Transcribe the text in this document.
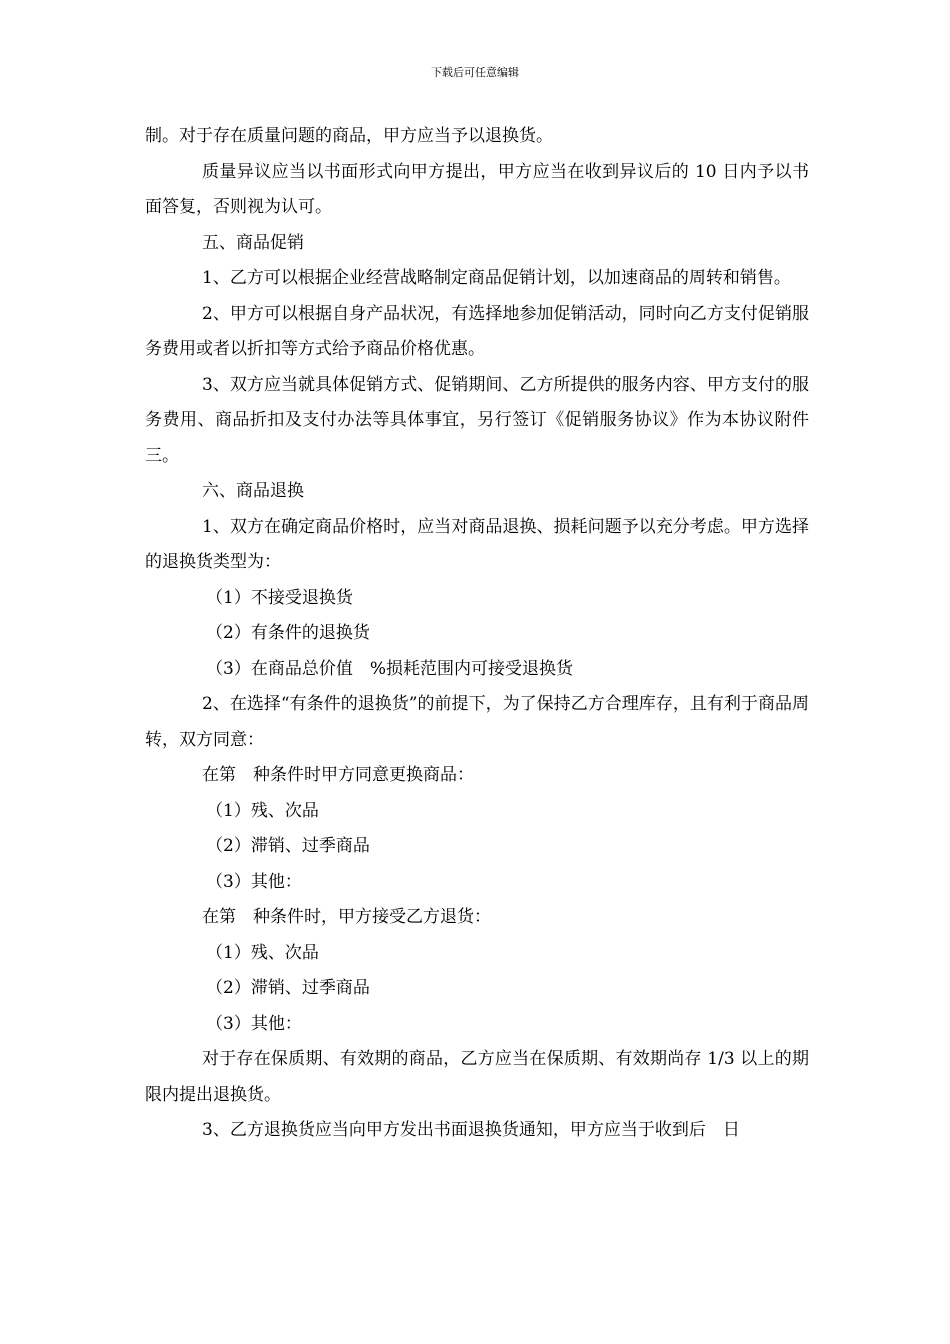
下载后可任意编辑

制。对于存在质量问题的商品，甲方应当予以退换货。

质量异议应当以书面形式向甲方提出，甲方应当在收到异议后的 10 日内予以书面答复，否则视为认可。

五、商品促销

1、乙方可以根据企业经营战略制定商品促销计划，以加速商品的周转和销售。

2、甲方可以根据自身产品状况，有选择地参加促销活动，同时向乙方支付促销服务费用或者以折扣等方式给予商品价格优惠。

3、双方应当就具体促销方式、促销期间、乙方所提供的服务内容、甲方支付的服务费用、商品折扣及支付办法等具体事宜，另行签订《促销服务协议》作为本协议附件三。

六、商品退换

1、双方在确定商品价格时，应当对商品退换、损耗问题予以充分考虑。甲方选择的退换货类型为：

（1）不接受退换货

（2）有条件的退换货

（3）在商品总价值　%损耗范围内可接受退换货

2、在选择“有条件的退换货”的前提下，为了保持乙方合理库存，且有利于商品周转，双方同意：

在第　种条件时甲方同意更换商品：

（1）残、次品

（2）滞销、过季商品

（3）其他：

在第　种条件时，甲方接受乙方退货：

（1）残、次品

（2）滞销、过季商品

（3）其他：

对于存在保质期、有效期的商品，乙方应当在保质期、有效期尚存 1/3 以上的期限内提出退换货。

3、乙方退换货应当向甲方发出书面退换货通知，甲方应当于收到后　日
